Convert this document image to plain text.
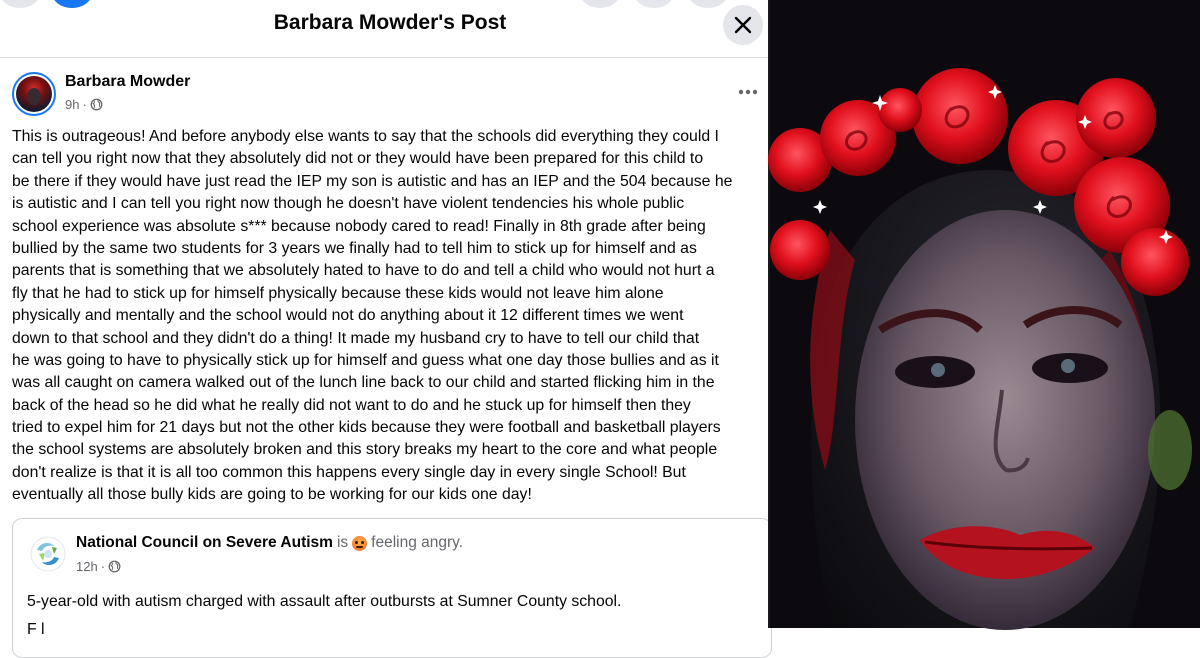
Barbara Mowder's Post
Barbara Mowder
9h ·
This is outrageous! And before anybody else wants to say that the schools did everything they could I
can tell you right now that they absolutely did not or they would have been prepared for this child to
be there if they would have just read the IEP my son is autistic and has an IEP and the 504 because he
is autistic and I can tell you right now though he doesn't have violent tendencies his whole public
school experience was absolute s*** because nobody cared to read! Finally in 8th grade after being
bullied by the same two students for 3 years we finally had to tell him to stick up for himself and as
parents that is something that we absolutely hated to have to do and tell a child who would not hurt a
fly that he had to stick up for himself physically because these kids would not leave him alone
physically and mentally and the school would not do anything about it 12 different times we went
down to that school and they didn't do a thing! It made my husband cry to have to tell our child that
he was going to have to physically stick up for himself and guess what one day those bullies and as it
was all caught on camera walked out of the lunch line back to our child and started flicking him in the
back of the head so he did what he really did not want to do and he stuck up for himself then they
tried to expel him for 21 days but not the other kids because they were football and basketball players
the school systems are absolutely broken and this story breaks my heart to the core and what people
don't realize is that it is all too common this happens every single day in every single School! But
eventually all those bully kids are going to be working for our kids one day!
National Council on Severe Autism is feeling angry.
12h ·
5-year-old with autism charged with assault after outbursts at Sumner County school.
F l
